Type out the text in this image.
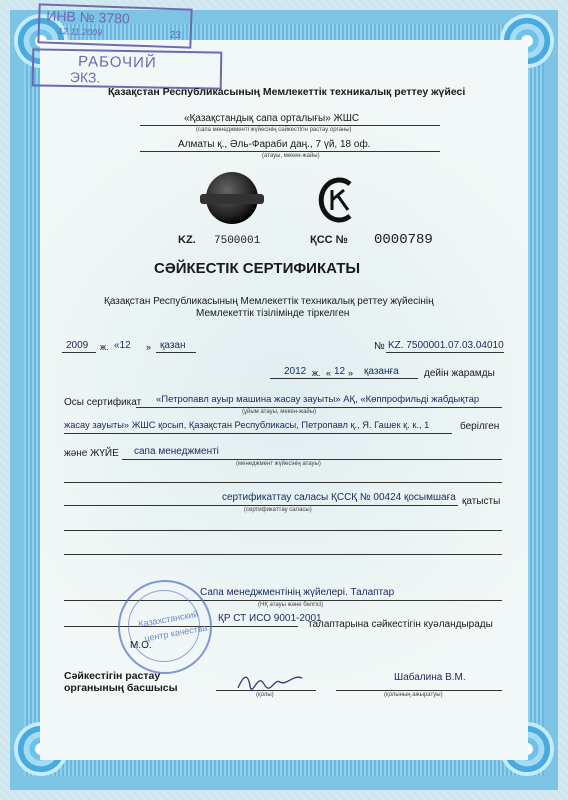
ИНВ № 3780
12.11.2009	23
РАБОЧИЙ
ЭКЗ.
Қазақстан Республикасының Мемлекеттік техникалық реттеу жүйесі
«Қазақстандық сапа орталығы» ЖШС
(сапа менеджменті жүйесінің сәйкестігін растау органы)
Алматы қ., Әль-Фараби даң., 7 үй, 18 оф.
(атауы, мекен-жайы)
KZ. 7500001	ҚСС № 0000789
СӘЙКЕСТІК СЕРТИФИКАТЫ
Қазақстан Республикасының Мемлекеттік техникалық реттеу жүйесінің
Мемлекеттік тізілімінде тіркелген
2009 ж. «12 » қазан	№ KZ. 7500001.07.03.04010
2012 ж. « 12 » қазанға	дейін жарамды
Осы сертификат «Петропавл ауыр машина жасау зауыты» АҚ, «Көппрофильді жабдықтар
(ұйым атауы, мекен-жайы)
жасау зауыты» ЖШС қосып, Қазақстан Республикасы, Петропавл қ., Я. Гашек қ. к., 1	берілген
және ЖҮЙЕ сапа менеджменті
(менеджмент жүйесінің атауы)
сертификаттау саласы ҚССҚ № 00424 қосымшаға қатысты
(сертификаттау саласы)
Сапа менеджментінің жүйелері. Талаптар
(НҚ атауы және белгісі)
ҚР СТ ИСО 9001-2001
талаптарына сәйкестігін куәландырады
Казахстанский
центр качества
М.О.
Сәйкестігін растау
органының басшысы
(қолы)
Шабалина В.М.
(қолының ажыратуы)
